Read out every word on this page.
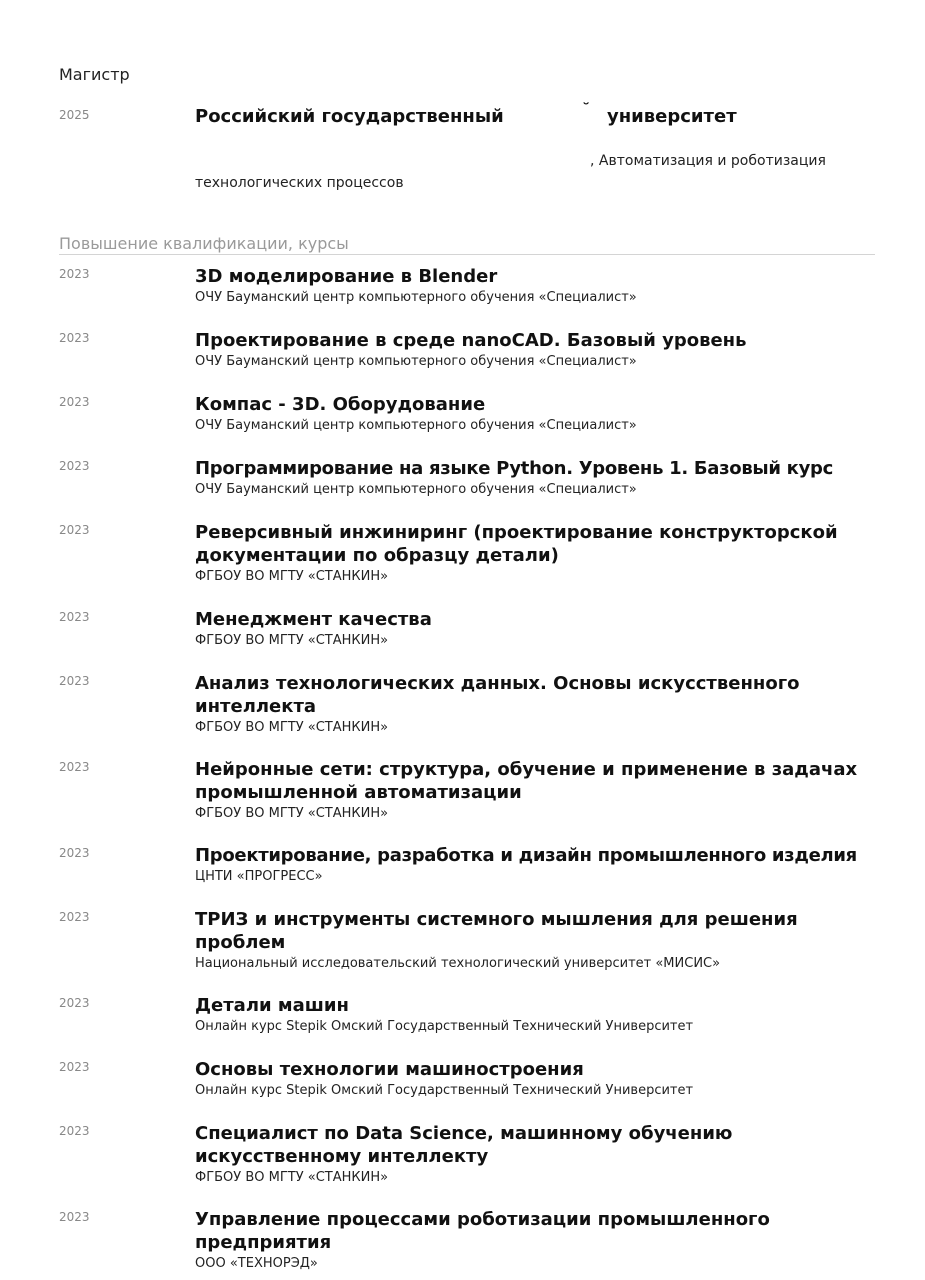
Магистр
2025	Российский государственный	университет
, Автоматизация и роботизация
технологических процессов
Повышение квалификации, курсы
2023	3D моделирование в Blender
ОЧУ Бауманский центр компьютерного обучения «Специалист»
2023	Проектирование в среде nanoCAD. Базовый уровень
ОЧУ Бауманский центр компьютерного обучения «Специалист»
2023	Компас - 3D. Оборудование
ОЧУ Бауманский центр компьютерного обучения «Специалист»
2023	Программирование на языке Python. Уровень 1. Базовый курс
ОЧУ Бауманский центр компьютерного обучения «Специалист»
2023	Реверсивный инжиниринг (проектирование конструкторской документации по образцу детали)
ФГБОУ ВО МГТУ «СТАНКИН»
2023	Менеджмент качества
ФГБОУ ВО МГТУ «СТАНКИН»
2023	Анализ технологических данных. Основы искусственного интеллекта
ФГБОУ ВО МГТУ «СТАНКИН»
2023	Нейронные сети: структура, обучение и применение в задачах промышленной автоматизации
ФГБОУ ВО МГТУ «СТАНКИН»
2023	Проектирование, разработка и дизайн промышленного изделия
ЦНТИ «ПРОГРЕСС»
2023	ТРИЗ и инструменты системного мышления для решения проблем
Национальный исследовательский технологический университет «МИСИС»
2023	Детали машин
Онлайн курс Stepik Омский Государственный Технический Университет
2023	Основы технологии машиностроения
Онлайн курс Stepik Омский Государственный Технический Университет
2023	Специалист по Data Science, машинному обучению искусственному интеллекту
ФГБОУ ВО МГТУ «СТАНКИН»
2023	Управление процессами роботизации промышленного предприятия
ООО «ТЕХНОРЭД»
